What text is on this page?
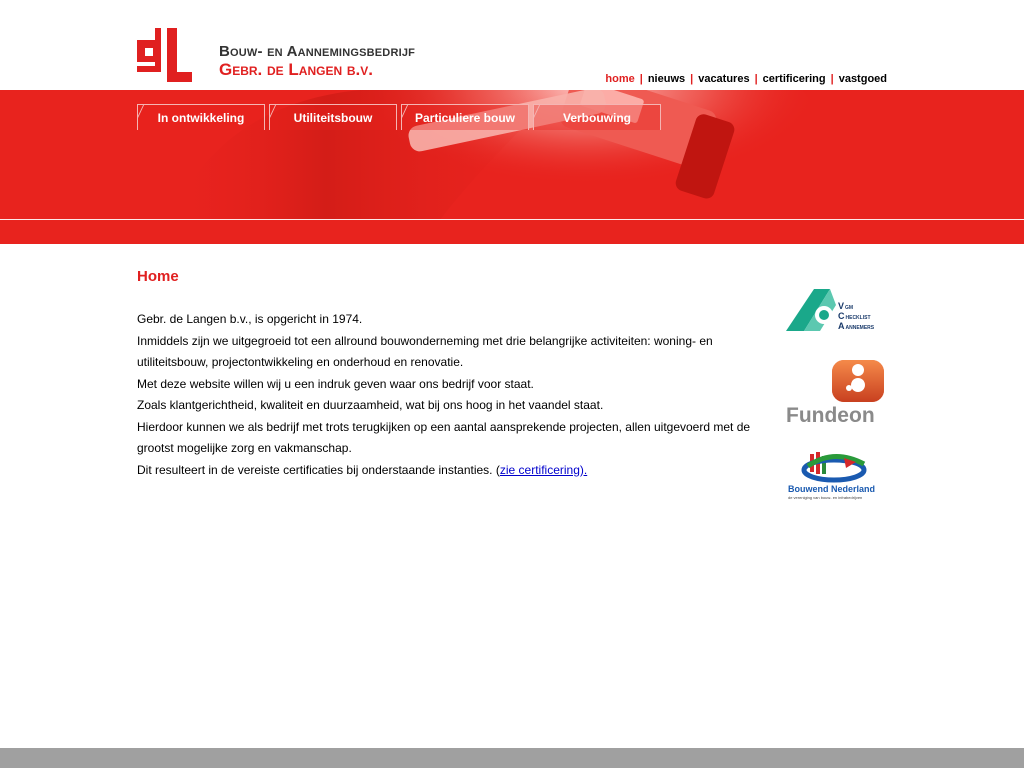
Bouw- en Aannemingsbedrijf
Gebr. de Langen b.v.	home | nieuws | vacatures | certificering | vastgoed
In ontwikkeling	Utiliteitsbouw	Particuliere bouw	Verbouwing
Home

Gebr. de Langen b.v., is opgericht in 1974.

Inmiddels zijn we uitgegroeid tot een allround bouwonderneming met drie belangrijke activiteiten: woning- en utiliteitsbouw, projectontwikkeling en onderhoud en renovatie.

Met deze website willen wij u een indruk geven waar ons bedrijf voor staat.

Zoals klantgerichtheid, kwaliteit en duurzaamheid, wat bij ons hoog in het vaandel staat.

Hierdoor kunnen we als bedrijf met trots terugkijken op een aantal aansprekende projecten, allen uitgevoerd met de grootst mogelijke zorg en vakmanschap.

Dit resulteert in de vereiste certificaties bij onderstaande instanties. (zie certificering).

VGM
CHECKLIST
AANNEMERS
Fundeon
Bouwend Nederland
de vereniging van bouw- en infrabedrijven
